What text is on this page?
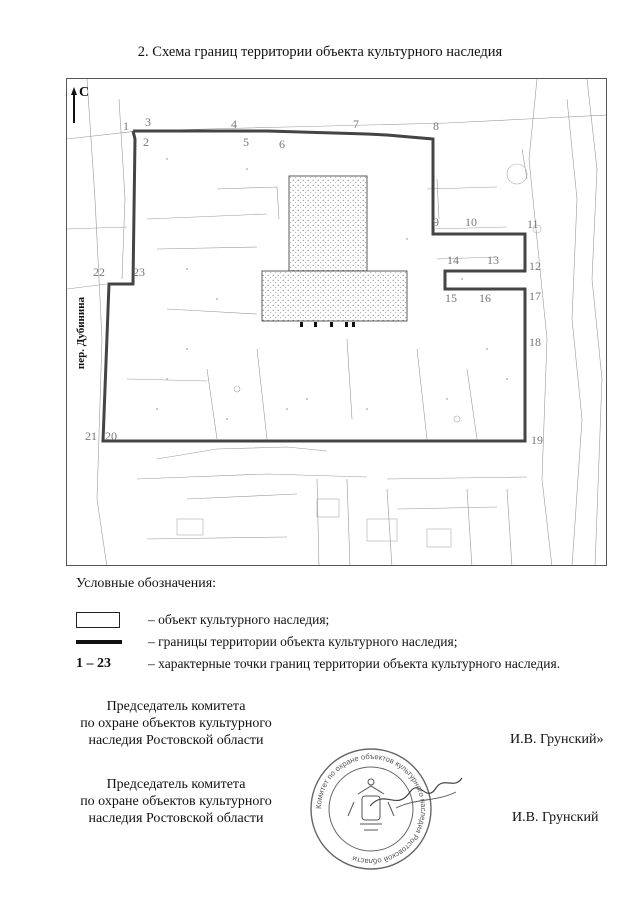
2. Схема границ территории объекта культурного наследия
С
пер. Дубинина
1
2
3	4
5	6
7	8
9 10	11
12
13
14
15 16	17
18
19
20
21
22 23
Условные обозначения:
– объект культурного наследия;
– границы территории объекта культурного наследия;
1 – 23	– характерные точки границ территории объекта культурного наследия.
Председатель комитета
по охране объектов культурного
наследия Ростовской области	И.В. Грунский»
Комитет по охране объектов культурного наследия Ростовской области
Председатель комитета
по охране объектов культурного
наследия Ростовской области	И.В. Грунский
